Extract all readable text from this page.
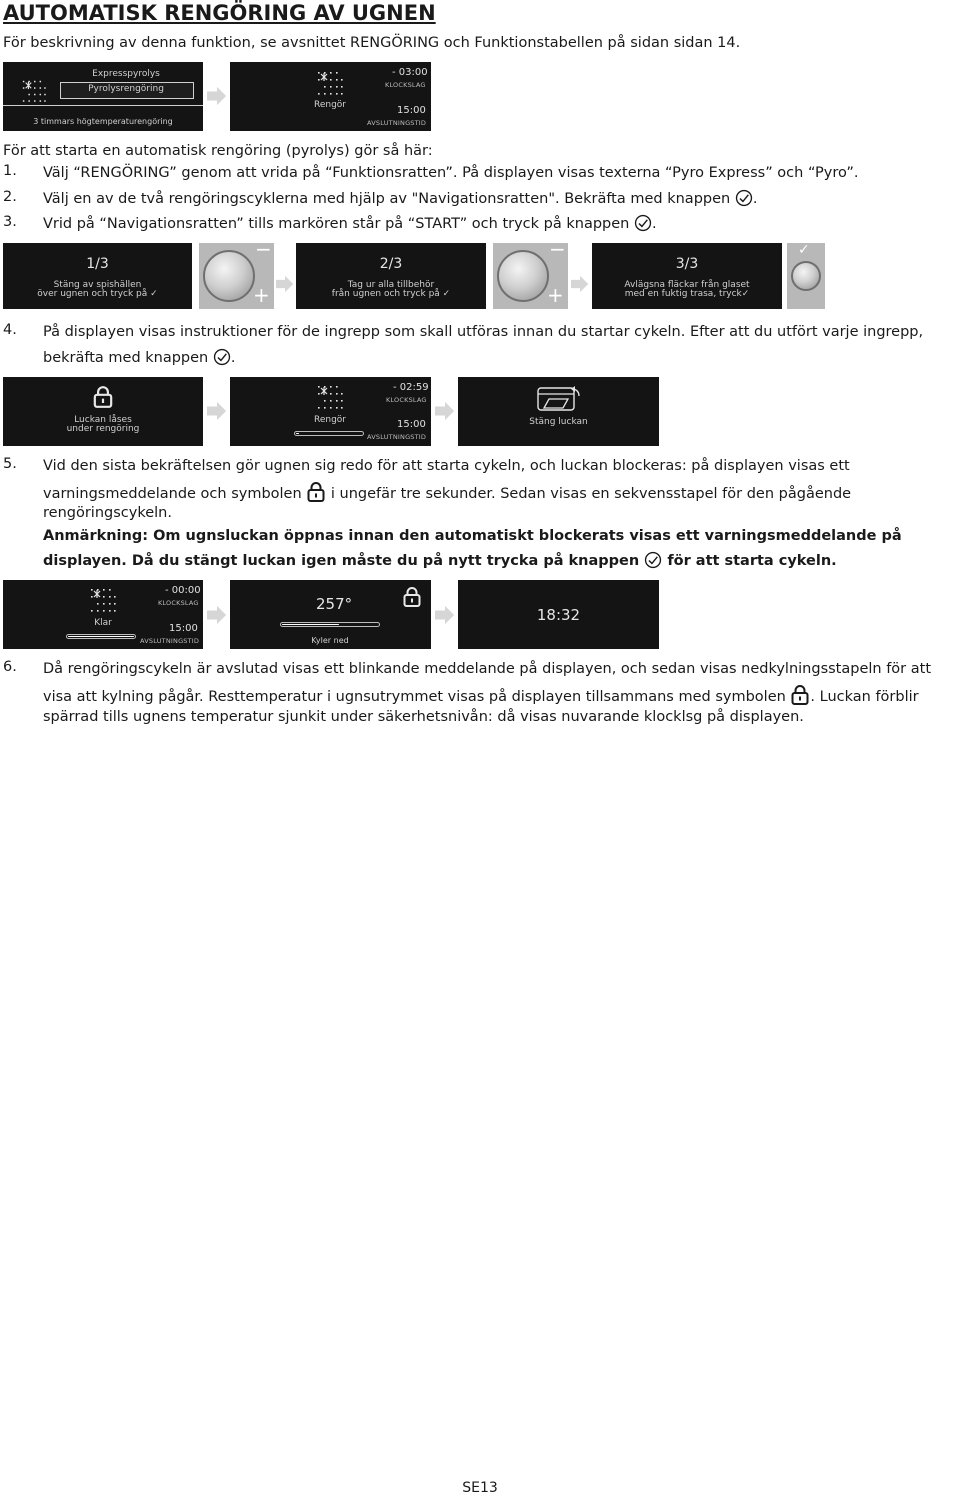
AUTOMATISK RENGÖRING AV UGNEN
För beskrivning av denna funktion, se avsnittet RENGÖRING och Funktionstabellen på sidan sidan 14.
Expresspyrolys
Pyrolysrengöring
3 timmars högtemperaturengöring
Rengör
- 03:00
KLOCKSLAG
15:00
AVSLUTNINGSTID
För att starta en automatisk rengöring (pyrolys) gör så här:
1. Välj “RENGÖRING” genom att vrida på “Funktionsratten”. På displayen visas texterna “Pyro Express” och “Pyro”.
2. Välj en av de två rengöringscyklerna med hjälp av "Navigationsratten". Bekräfta med knappen .
3. Vrid på “Navigationsratten” tills markören står på “START” och tryck på knappen .
1/3
Stäng av spishällen
över ugnen och tryck på ✓
−
+
2/3
Tag ur alla tillbehör
från ugnen och tryck på ✓
−
+
3/3
Avlägsna fläckar från glaset
med en fuktig trasa, tryck✓
✓
4. På displayen visas instruktioner för de ingrepp som skall utföras innan du startar cykeln. Efter att du utfört varje ingrepp,
bekräfta med knappen .
Luckan låses
under rengöring
Rengör
- 02:59
KLOCKSLAG
15:00
AVSLUTNINGSTID
Stäng luckan
5. Vid den sista bekräftelsen gör ugnen sig redo för att starta cykeln, och luckan blockeras: på displayen visas ett
varningsmeddelande och symbolen i ungefär tre sekunder. Sedan visas en sekvensstapel för den pågående
rengöringscykeln.
Anmärkning: Om ugnsluckan öppnas innan den automatiskt blockerats visas ett varningsmeddelande på
displayen. Då du stängt luckan igen måste du på nytt trycka på knappen för att starta cykeln.
Klar
- 00:00
KLOCKSLAG
15:00
AVSLUTNINGSTID
257°
Kyler ned
18:32
6. Då rengöringscykeln är avslutad visas ett blinkande meddelande på displayen, och sedan visas nedkylningsstapeln för att
visa att kylning pågår. Resttemperatur i ugnsutrymmet visas på displayen tillsammans med symbolen . Luckan förblir
spärrad tills ugnens temperatur sjunkit under säkerhetsnivån: då visas nuvarande klocklsg på displayen.
SE13
